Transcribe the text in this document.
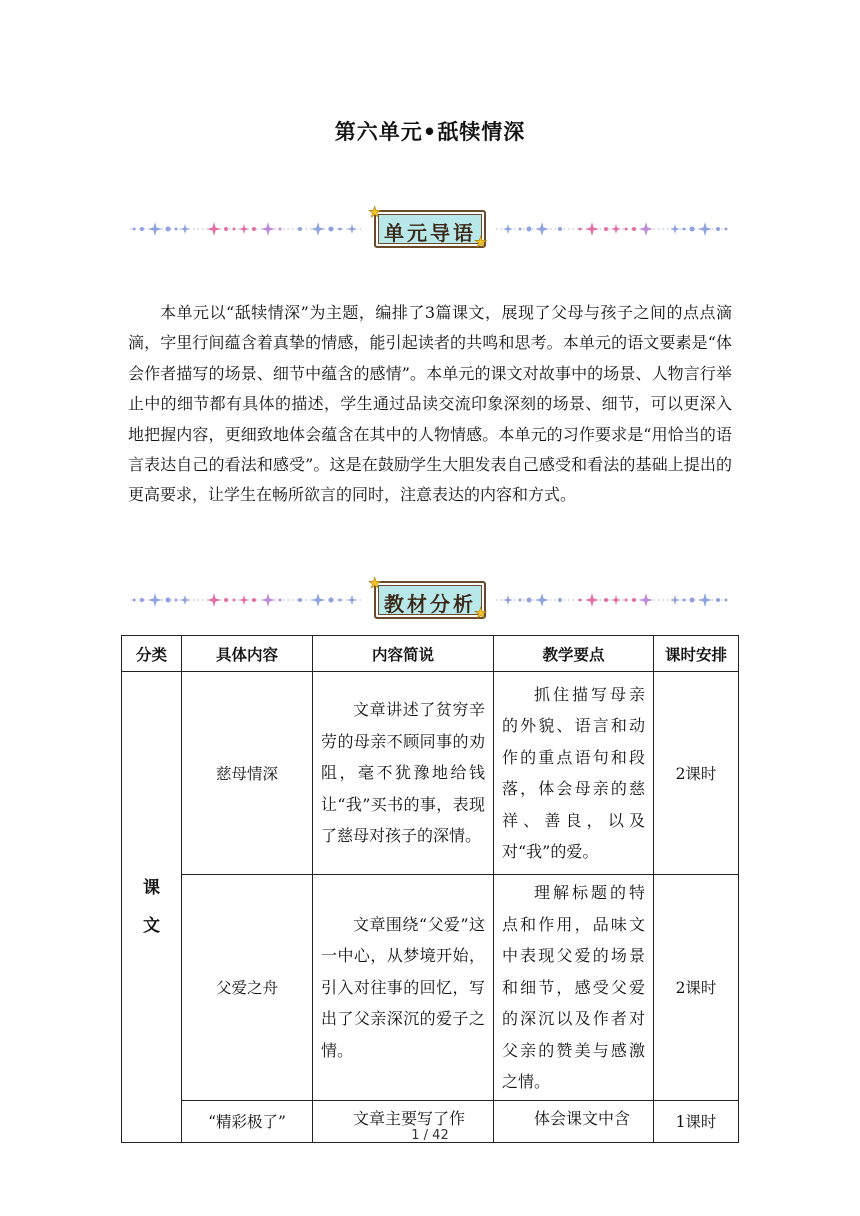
第六单元•舐犊情深
单元导语
★
★

本单元以“舐犊情深”为主题，编排了3篇课文，展现了父母与孩子之间的点点滴滴，字里行间蕴含着真挚的情感，能引起读者的共鸣和思考。本单元的语文要素是“体会作者描写的场景、细节中蕴含的感情”。本单元的课文对故事中的场景、人物言行举止中的细节都有具体的描述，学生通过品读交流印象深刻的场景、细节，可以更深入地把握内容，更细致地体会蕴含在其中的人物情感。本单元的习作要求是“用恰当的语言表达自己的看法和感受”。这是在鼓励学生大胆发表自己感受和看法的基础上提出的更高要求，让学生在畅所欲言的同时，注意表达的内容和方式。

教材分析
★
★
分类	具体内容	内容简说	教学要点	课时安排
课
文	慈母情深	文章讲述了贫穷辛劳的母亲不顾同事的劝阻，毫不犹豫地给钱让“我”买书的事，表现了慈母对孩子的深情。	抓住描写母亲的外貌、语言和动作的重点语句和段落，体会母亲的慈祥、善良，以及对“我”的爱。	2课时
	父爱之舟	文章围绕“父爱”这一中心，从梦境开始，引入对往事的回忆，写出了父亲深沉的爱子之情。	理解标题的特点和作用，品味文中表现父爱的场景和细节，感受父爱的深沉以及作者对父亲的赞美与感激之情。	2课时
	“精彩极了”	文章主要写了作	体会课文中含	1课时
1 / 42
